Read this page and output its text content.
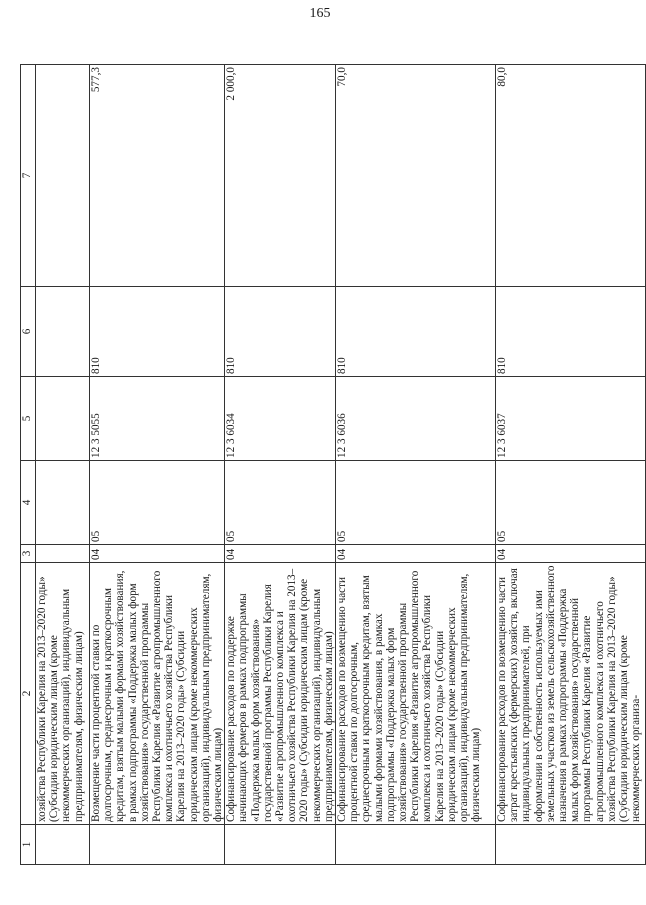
165
1	2	3	4	5	6	7
	хозяйства Республики Карелия на 2013–2020 годы» (Субсидии юридическим лицам (кроме некоммерческих организаций), индивидуальным предпринимателям, физическим лицам)					
	Возмещение части процентной ставки по долгосрочным, среднесрочным и краткосрочным кредитам, взятым малыми формами хозяйствования, в рамках подпрограммы «Поддержка малых форм хозяйствования» государственной программы Республики Карелия «Развитие агропромышленного комплекса и охотничьего хозяйства Республики Карелия на 2013–2020 годы» (Субсидии юридическим лицам (кроме некоммерческих организаций), индивидуальным предпринимателям, физическим лицам)	04	05	12 3 5055	810	577,3
	Софинансирование расходов по поддержке начинающих фермеров в рамках подпрограммы «Поддержка малых форм хозяйствования» государственной программы Республики Карелия «Развитие агропромышленного комплекса и охотничьего хозяйства Республики Карелия на 2013–2020 годы» (Субсидии юридическим лицам (кроме некоммерческих организаций), индивидуальным предпринимателям, физическим лицам)	04	05	12 3 6034	810	2 000,0
	Софинансирование расходов по возмещению части процентной ставки по долгосрочным, среднесрочным и краткосрочным кредитам, взятым малыми формами хозяйствования, в рамках подпрограммы «Поддержка малых форм хозяйствования» государственной программы Республики Карелия «Развитие агропромышленного комплекса и охотничьего хозяйства Республики Карелия на 2013–2020 годы» (Субсидии юридическим лицам (кроме некоммерческих организаций), индивидуальным предпринимателям, физическим лицам)	04	05	12 3 6036	810	70,0
	Софинансирование расходов по возмещению части затрат крестьянских (фермерских) хозяйств, включая индивидуальных предпринимателей, при оформлении в собственность используемых ими земельных участков из земель сельскохозяйственного назначения в рамках подпрограммы «Поддержка малых форм хозяйствования» государственной программы Республики Карелия «Развитие агропромышленного комплекса и охотничьего хозяйства Республики Карелия на 2013–2020 годы» (Субсидии юридическим лицам (кроме некоммерческих организа-	04	05	12 3 6037	810	80,0
